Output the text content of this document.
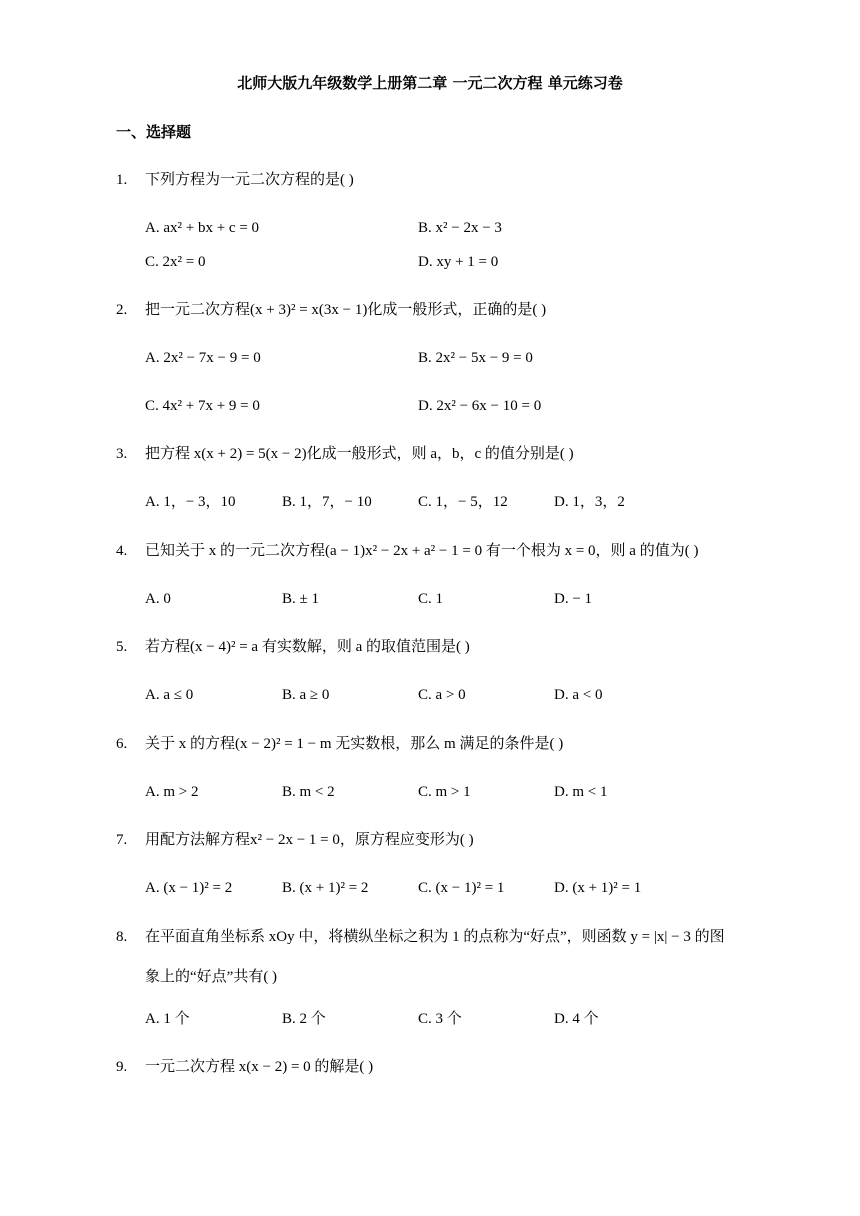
北师大版九年级数学上册第二章 一元二次方程 单元练习卷
一、选择题
1.	下列方程为一元二次方程的是( )
A. ax² + bx + c = 0	B. x² − 2x − 3
C. 2x² = 0	D. xy + 1 = 0
2.	把一元二次方程(x + 3)² = x(3x − 1)化成一般形式，正确的是( )
A. 2x² − 7x − 9 = 0	B. 2x² − 5x − 9 = 0
C. 4x² + 7x + 9 = 0	D. 2x² − 6x − 10 = 0
3.	把方程 x(x + 2) = 5(x − 2)化成一般形式，则 a，b，c 的值分别是( )
A. 1，− 3，10	B. 1，7，− 10	C. 1，− 5，12	D. 1，3，2
4.	已知关于 x 的一元二次方程(a − 1)x² − 2x + a² − 1 = 0 有一个根为 x = 0，则 a 的值为( )
A. 0	B. ± 1	C. 1	D. − 1
5.	若方程(x − 4)² = a 有实数解，则 a 的取值范围是( )
A. a ≤ 0	B. a ≥ 0	C. a > 0	D. a < 0
6.	关于 x 的方程(x − 2)² = 1 − m 无实数根，那么 m 满足的条件是( )
A. m > 2	B. m < 2	C. m > 1	D. m < 1
7.	用配方法解方程x² − 2x − 1 = 0，原方程应变形为( )
A. (x − 1)² = 2	B. (x + 1)² = 2	C. (x − 1)² = 1	D. (x + 1)² = 1
8.	在平面直角坐标系 xOy 中，将横纵坐标之积为 1 的点称为“好点”，则函数 y = |x| − 3 的图
象上的“好点”共有( )
A. 1 个	B. 2 个	C. 3 个	D. 4 个
9.	一元二次方程 x(x − 2) = 0 的解是( )
